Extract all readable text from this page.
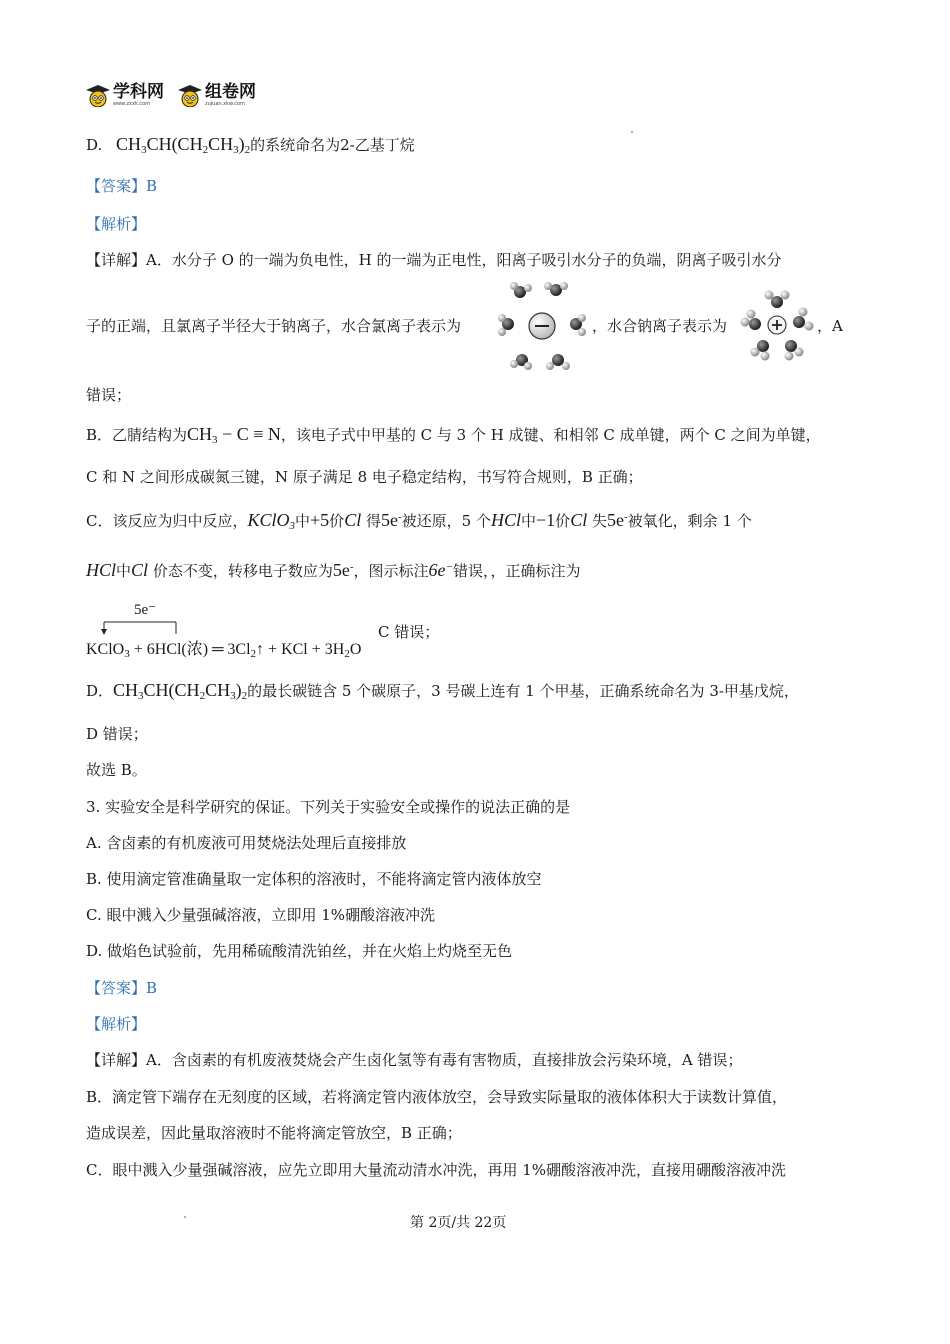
学科网
www.zxxk.com
组卷网
zujuan.xkw.com
D.   $CH_3CH(CH_2CH_3)_2$的系统命名为2-乙基丁烷
【答案】B
【解析】
【详解】A．水分子 O 的一端为负电性，H 的一端为正电性，阳离子吸引水分子的负端，阴离子吸引水分
子的正端，且氯离子半径大于钠离子，水合氯离子表示为	，水合钠离子表示为	，A
错误；
B．乙腈结构为$CH_3 - C \equiv N$，该电子式中甲基的 C 与 3 个 H 成键、和相邻 C 成单键，两个 C 之间为单键，
C 和 N 之间形成碳氮三键，N 原子满足 8 电子稳定结构，书写符合规则，B 正确；
C．该反应为归中反应，KClO$_3$中+5价Cl 得5e-被还原，5 个HCl中−1价Cl 失5e-被氧化，剩余 1 个
HCl中Cl 价态不变，转移电子数应为5e-，图示标注6e−错误，，正确标注为
5e⁻
KClO$_3$ + 6HCl(浓) ═ $3Cl_2↑$ + KCl + $3H_2O$
C 错误；
D．$CH_3CH(CH_2CH_3)_2$的最长碳链含 5 个碳原子，3 号碳上连有 1 个甲基，正确系统命名为 3-甲基戊烷，
D 错误；
故选 B。
3. 实验安全是科学研究的保证。下列关于实验安全或操作的说法正确的是
A. 含卤素的有机废液可用焚烧法处理后直接排放
B. 使用滴定管准确量取一定体积的溶液时，不能将滴定管内液体放空
C. 眼中溅入少量强碱溶液，立即用 1%硼酸溶液冲洗
D. 做焰色试验前，先用稀硫酸清洗铂丝，并在火焰上灼烧至无色
【答案】B
【解析】
【详解】A．含卤素的有机废液焚烧会产生卤化氢等有毒有害物质，直接排放会污染环境，A 错误；
B．滴定管下端存在无刻度的区域，若将滴定管内液体放空，会导致实际量取的液体体积大于读数计算值，
造成误差，因此量取溶液时不能将滴定管放空，B 正确；
C．眼中溅入少量强碱溶液，应先立即用大量流动清水冲洗，再用 1%硼酸溶液冲洗，直接用硼酸溶液冲洗
第 2页/共 22页
